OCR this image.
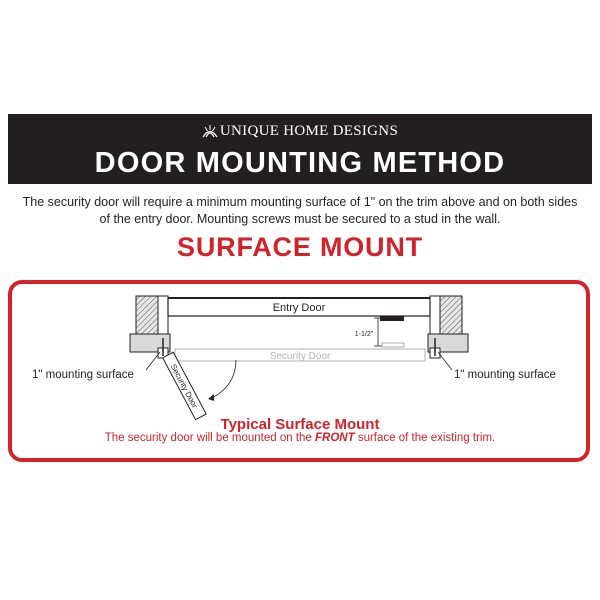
UNIQUE HOME DESIGNS
DOOR MOUNTING METHOD
The security door will require a minimum mounting surface of 1" on the trim above and on both sides of the entry door. Mounting screws must be secured to a stud in the wall.
SURFACE MOUNT
Entry Door
1-1/2"
Security Door
Security Door
1" mounting surface	1" mounting surface
Typical Surface Mount
The security door will be mounted on the FRONT surface of the existing trim.
